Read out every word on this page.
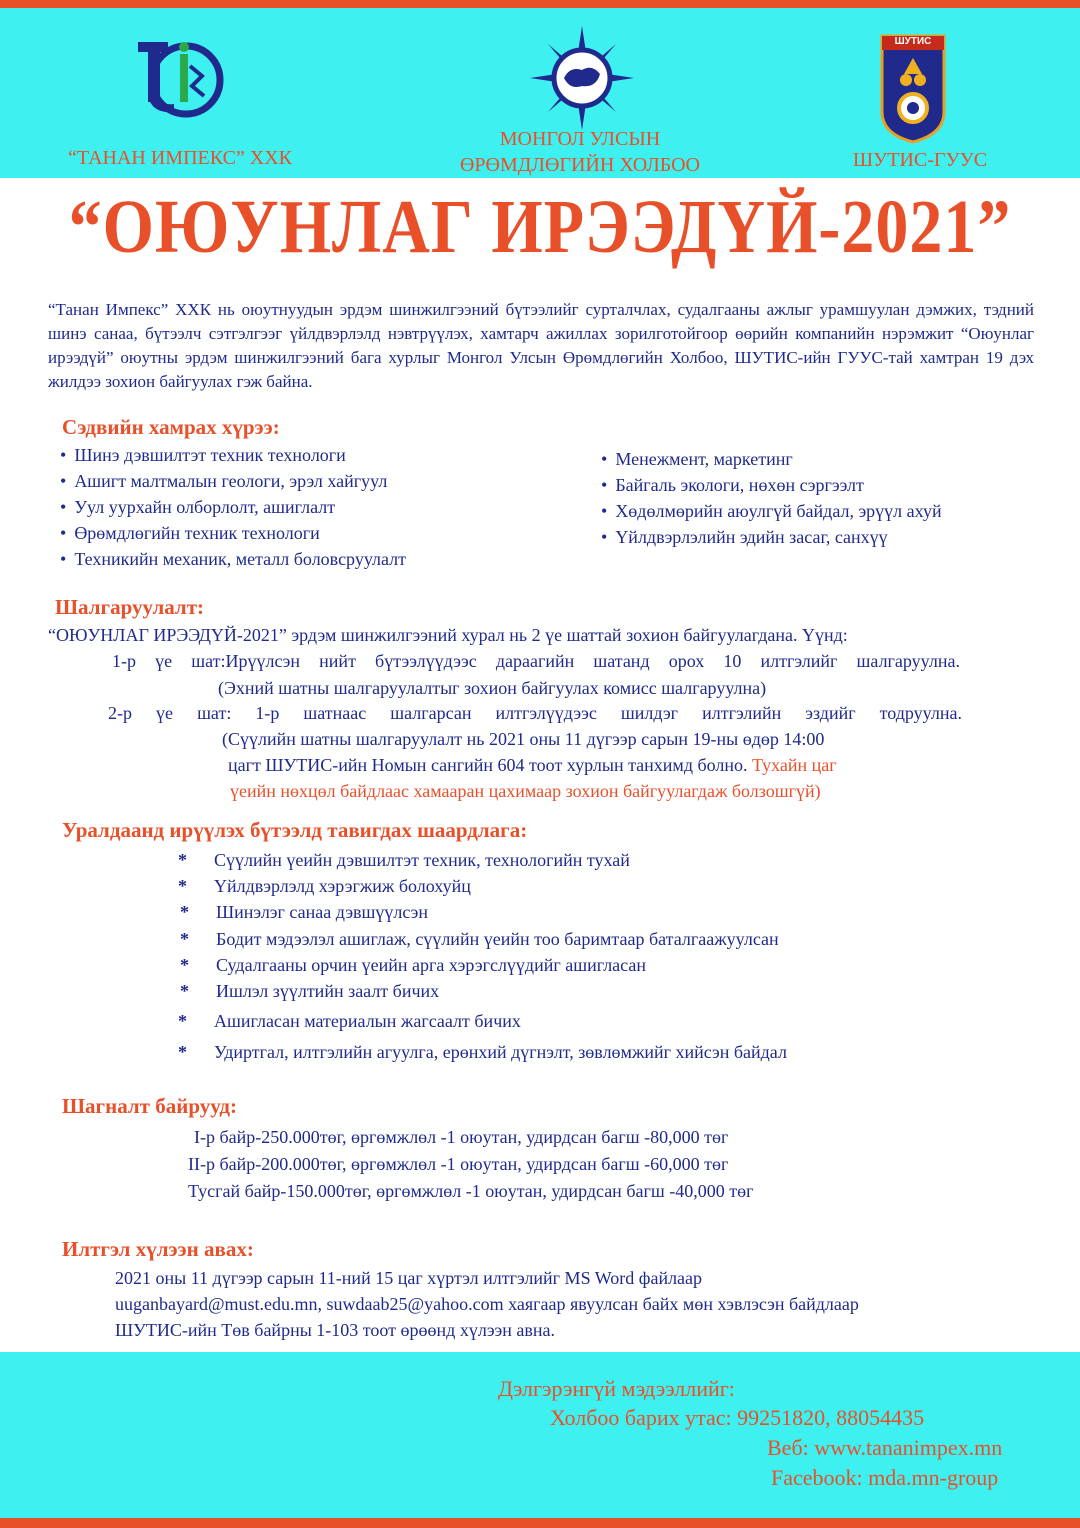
ШУТИС
“ТАНАН ИМПЕКС” ХХК
МОНГОЛ УЛСЫН
ӨРӨМДЛӨГИЙН ХОЛБОО	ШУТИС-ГУУС
“ОЮУНЛАГ ИРЭЭДҮЙ-2021”
“Танан Импекс” ХХК нь оюутнуудын эрдэм шинжилгээний бүтээлийг сурталчлах, судалгааны ажлыг урамшуулан дэмжих, тэдний шинэ санаа, бүтээлч сэтгэлгээг үйлдвэрлэлд нэвтрүүлэх, хамтарч ажиллах зорилготойгоор өөрийн компанийн нэрэмжит “Оюунлаг ирээдүй” оюутны эрдэм шинжилгээний бага хурлыг Монгол Улсын Өрөмдлөгийн Холбоо, ШУТИС-ийн ГУУС-тай хамтран 19 дэх жилдээ зохион байгуулах гэж байна.
Сэдвийн хамрах хүрээ:
• Шинэ дэвшилтэт техник технологи
• Ашигт малтмалын геологи, эрэл хайгуул
• Уул уурхайн олборлолт, ашиглалт
• Өрөмдлөгийн техник технологи
• Техникийн механик, металл боловсруулалт
• Менежмент, маркетинг
• Байгаль экологи, нөхөн сэргээлт
• Хөдөлмөрийн аюулгүй байдал, эрүүл ахуй
• Үйлдвэрлэлийн эдийн засаг, санхүү
Шалгаруулалт:
“ОЮУНЛАГ ИРЭЭДҮЙ-2021” эрдэм шинжилгээний хурал нь 2 үе шаттай зохион байгуулагдана. Үүнд:
1-р үе шат:Ирүүлсэн нийт бүтээлүүдээс дараагийн шатанд орох 10 илтгэлийг шалгаруулна.
(Эхний шатны шалгаруулалтыг зохион байгуулах комисс шалгаруулна)
2-р үе шат: 1-р шатнаас шалгарсан илтгэлүүдээс шилдэг илтгэлийн эздийг тодруулна.
(Сүүлийн шатны шалгаруулалт нь 2021 оны 11 дүгээр сарын 19-ны өдөр 14:00
цагт ШУТИС-ийн Номын сангийн 604 тоот хурлын танхимд болно. Тухайн цаг
үеийн нөхцөл байдлаас хамааран цахимаар зохион байгуулагдаж болзошгүй)
Уралдаанд ирүүлэх бүтээлд тавигдах шаардлага:
* Сүүлийн үеийн дэвшилтэт техник, технологийн тухай
* Үйлдвэрлэлд хэрэгжиж болохуйц
* Шинэлэг санаа дэвшүүлсэн
* Бодит мэдээлэл ашиглаж, сүүлийн үеийн тоо баримтаар баталгаажуулсан
* Судалгааны орчин үеийн арга хэрэгслүүдийг ашигласан
* Ишлэл зүүлтийн заалт бичих
* Ашигласан материалын жагсаалт бичих
* Удиртгал, илтгэлийн агуулга, ерөнхий дүгнэлт, зөвлөмжийг хийсэн байдал
Шагналт байрууд:
I-р байр-250.000төг, өргөмжлөл -1 оюутан, удирдсан багш -80,000 төг
II-р байр-200.000төг, өргөмжлөл -1 оюутан, удирдсан багш -60,000 төг
Тусгай байр-150.000төг, өргөмжлөл -1 оюутан, удирдсан багш -40,000 төг
Илтгэл хүлээн авах:
2021 оны 11 дүгээр сарын 11-ний 15 цаг хүртэл илтгэлийг MS Word файлаар
uuganbayard@must.edu.mn, suwdaab25@yahoo.com хаягаар явуулсан байх мөн хэвлэсэн байдлаар
ШУТИС-ийн Төв байрны 1-103 тоот өрөөнд хүлээн авна.
Дэлгэрэнгүй мэдээллийг:
Холбоо барих утас: 99251820, 88054435
Веб: www.tananimpex.mn
Facebook: mda.mn-group
